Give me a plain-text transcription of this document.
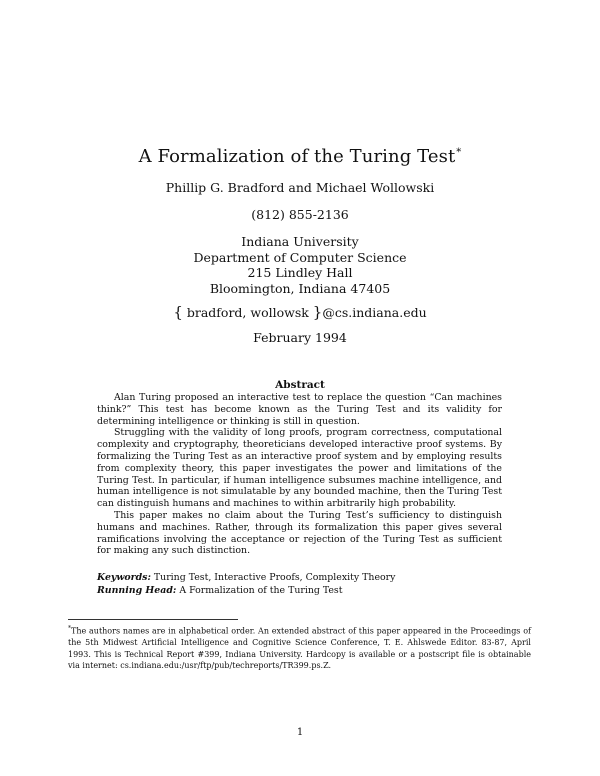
A Formalization of the Turing Test*
Phillip G. Bradford and Michael Wollowski
(812) 855-2136
Indiana University
Department of Computer Science
215 Lindley Hall
Bloomington, Indiana 47405
{ bradford, wollowsk }@cs.indiana.edu
February 1994
Abstract

Alan Turing proposed an interactive test to replace the question “Can machines think?” This test has become known as the Turing Test and its validity for determining intelligence or thinking is still in question.

Struggling with the validity of long proofs, program correctness, computational complexity and cryptography, theoreticians developed interactive proof systems. By formalizing the Turing Test as an interactive proof system and by employing results from complexity theory, this paper investigates the power and limitations of the Turing Test. In particular, if human intelligence subsumes machine intelligence, and human intelligence is not simulatable by any bounded machine, then the Turing Test can distinguish humans and machines to within arbitrarily high probability.

This paper makes no claim about the Turing Test’s sufficiency to distinguish humans and machines. Rather, through its formalization this paper gives several ramifications involving the acceptance or rejection of the Turing Test as sufficient for making any such distinction.

Keywords: Turing Test, Interactive Proofs, Complexity Theory
Running Head: A Formalization of the Turing Test
*The authors names are in alphabetical order. An extended abstract of this paper appeared in the Proceedings of the 5th Midwest Artificial Intelligence and Cognitive Science Conference, T. E. Ahlswede Editor. 83-87, April 1993. This is Technical Report #399, Indiana University. Hardcopy is available or a postscript file is obtainable via internet: cs.indiana.edu:/usr/ftp/pub/techreports/TR399.ps.Z.
1
